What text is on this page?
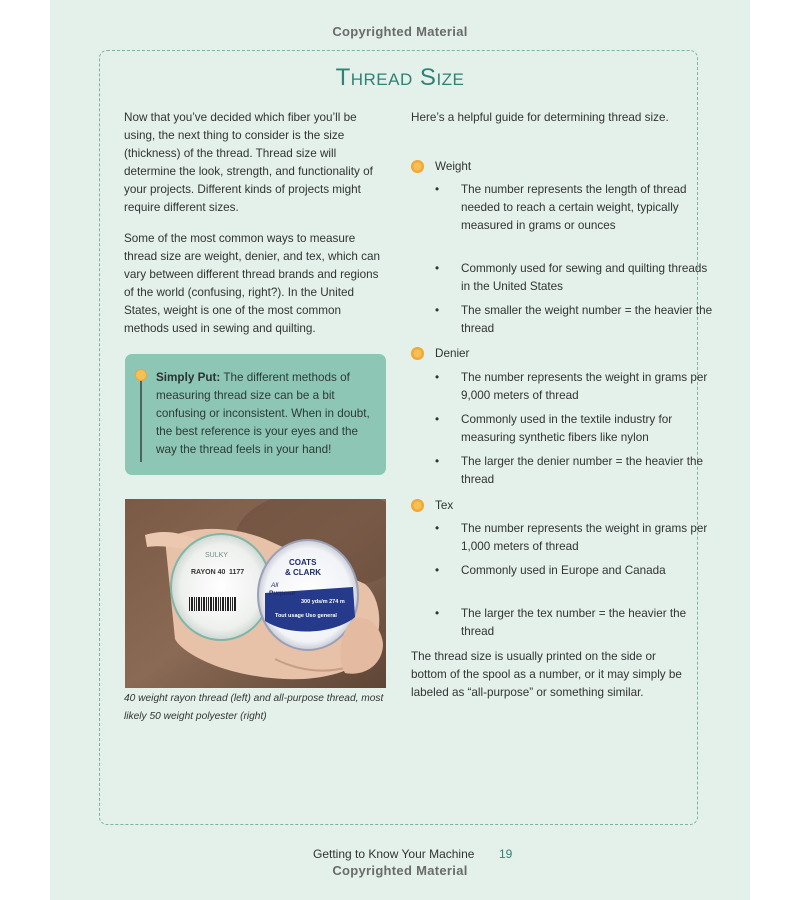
Copyrighted Material
Thread Size

Now that you’ve decided which fiber you’ll be using, the next thing to consider is the size (thickness) of the thread. Thread size will determine the look, strength, and functionality of your projects. Different kinds of projects might require different sizes.

Some of the most common ways to measure thread size are weight, denier, and tex, which can vary between different thread brands and regions of the world (confusing, right?). In the United States, weight is one of the most common methods used in sewing and quilting.

Simply Put: The different methods of measuring thread size can be a bit confusing or inconsistent. When in doubt, the best reference is your eyes and the way the thread feels in your hand!
SULKY
RAYON 40 1177
COATS
& CLARK
All
Purpose
300 yds/m 274 m
Tout usage Uso general
40 weight rayon thread (left) and all-purpose thread, most likely 50 weight polyester (right)

Here’s a helpful guide for determining thread size.

Weight
•	The number represents the length of thread needed to reach a certain weight, typically measured in grams or ounces
•	Commonly used for sewing and quilting threads in the United States
•	The smaller the weight number = the heavier the thread
Denier
•	The number represents the weight in grams per 9,000 meters of thread
•	Commonly used in the textile industry for measuring synthetic fibers like nylon
•	The larger the denier number = the heavier the thread
Tex
•	The number represents the weight in grams per 1,000 meters of thread
•	Commonly used in Europe and Canada
•	The larger the tex number = the heavier the thread

The thread size is usually printed on the side or bottom of the spool as a number, or it may simply be labeled as “all-purpose” or something similar.

Getting to Know Your Machine 19
Copyrighted Material
